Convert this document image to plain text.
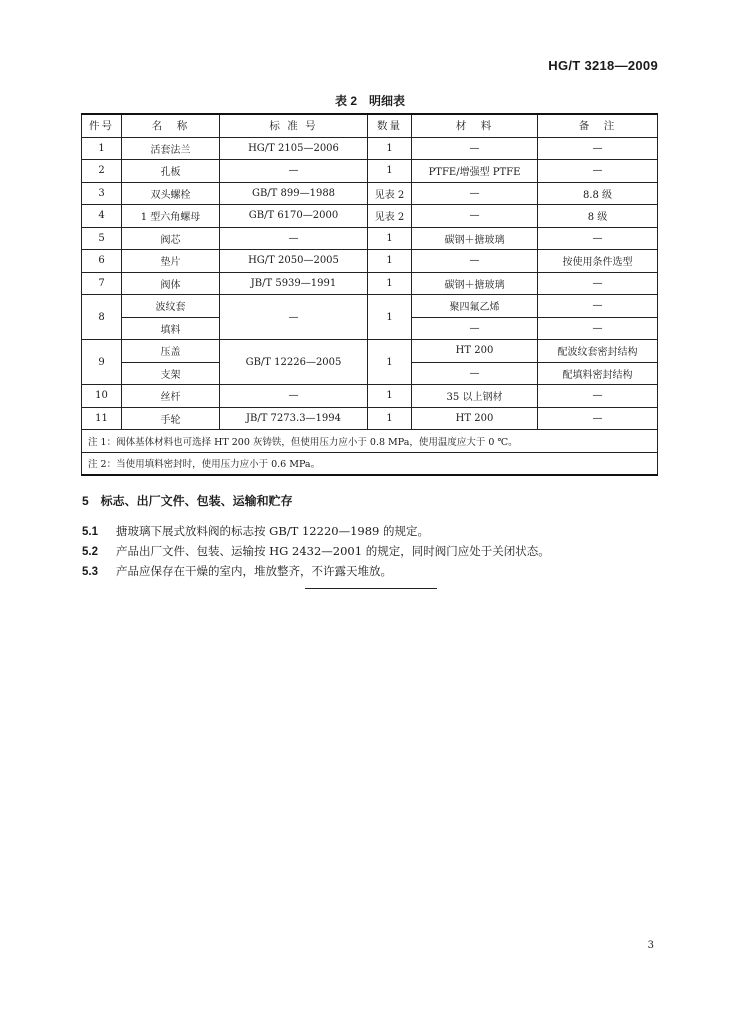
HG/T 3218—2009
表 2　明细表
件号	名　称	标 准 号	数量	材　料	备　注
1	活套法兰	HG/T 2105—2006	1	—	—
2	孔板	—	1	PTFE/增强型 PTFE	—
3	双头螺栓	GB/T 899—1988	见表 2	—	8.8 级
4	1 型六角螺母	GB/T 6170—2000	见表 2	—	8 级
5	阀芯	—	1	碳钢＋搪玻璃	—
6	垫片	HG/T 2050—2005	1	—	按使用条件选型
7	阀体	JB/T 5939—1991	1	碳钢＋搪玻璃	—
8	波纹套	—	1	聚四氟乙烯	—
	填料			—	—
9	压盖	GB/T 12226—2005	1	HT 200	配波纹套密封结构
	支架			—	配填料密封结构
10	丝杆	—	1	35 以上钢材	—
11	手轮	JB/T 7273.3—1994	1	HT 200	—
注 1：阀体基体材料也可选择 HT 200 灰铸铁，但使用压力应小于 0.8 MPa，使用温度应大于 0 ℃。					
注 2：当使用填料密封时，使用压力应小于 0.6 MPa。					
5　标志、出厂文件、包装、运输和贮存
5.1 搪玻璃下展式放料阀的标志按 GB/T 12220—1989 的规定。
5.2 产品出厂文件、包装、运输按 HG 2432—2001 的规定，同时阀门应处于关闭状态。
5.3 产品应保存在干燥的室内，堆放整齐，不许露天堆放。
3
